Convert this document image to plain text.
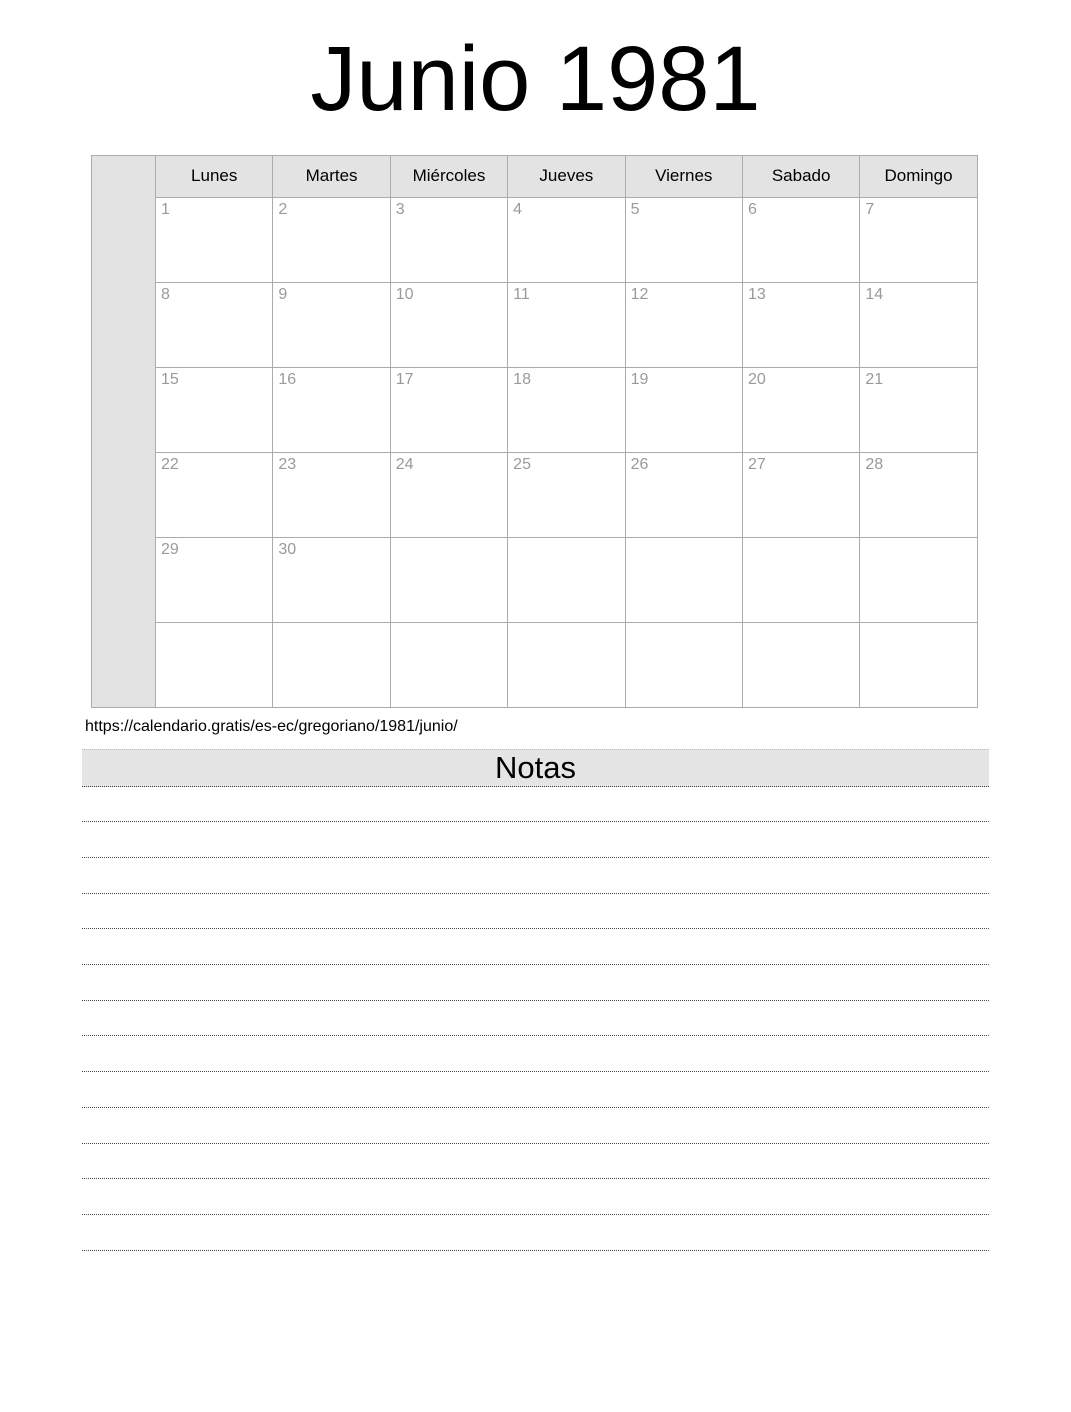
Junio 1981
	Lunes	Martes	Miércoles	Jueves	Viernes	Sabado	Domingo
	1	2	3	4	5	6	7
	8	9	10	11	12	13	14
	15	16	17	18	19	20	21
	22	23	24	25	26	27	28
	29	30					

https://calendario.gratis/es-ec/gregoriano/1981/junio/

Notas
